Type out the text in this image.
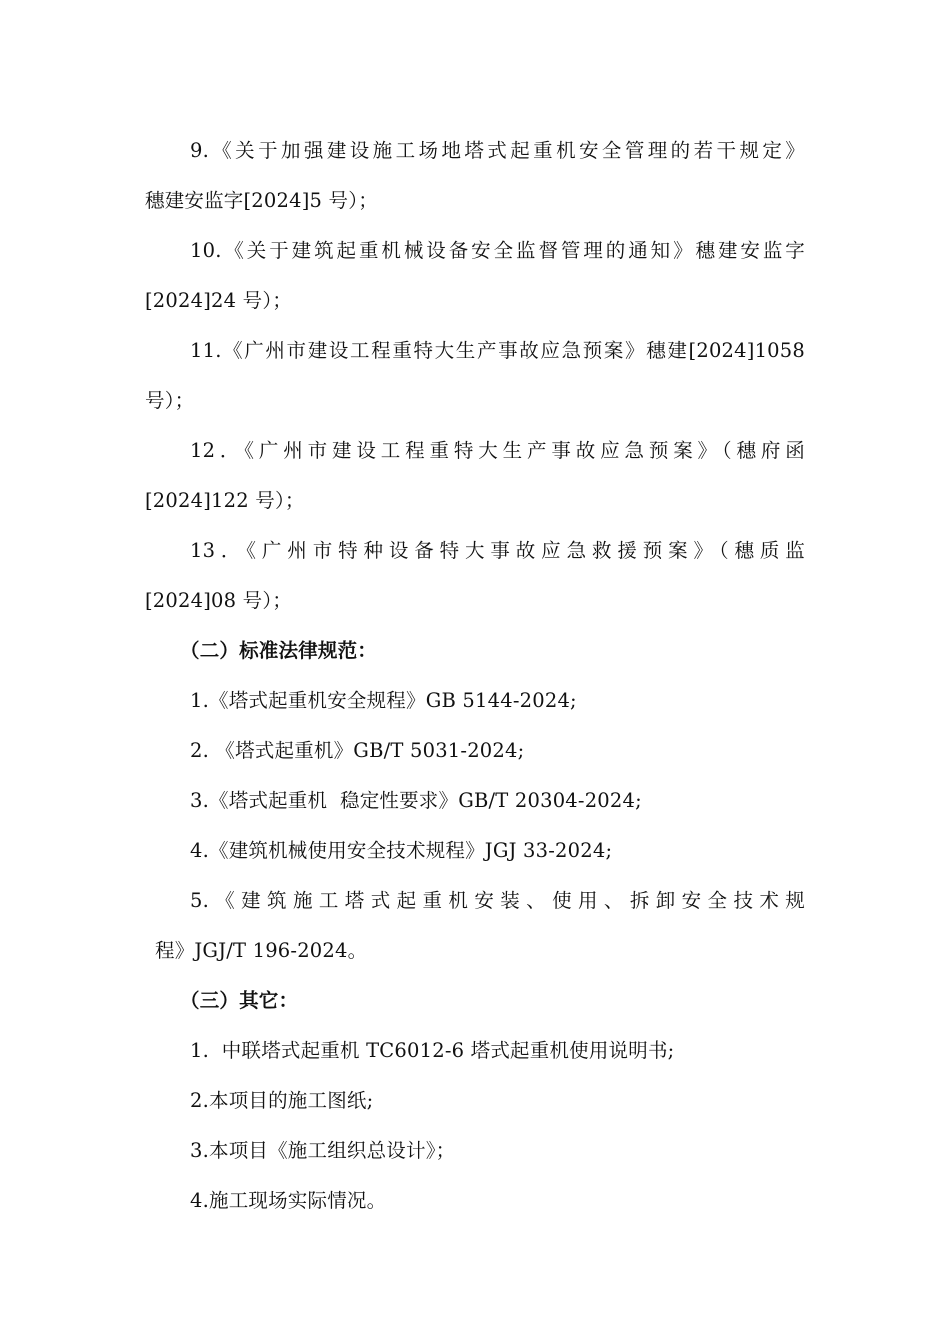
9.《关于加强建设施工场地塔式起重机安全管理的若干规定》
穗建安监字[2024]5 号）；
10.《关于建筑起重机械设备安全监督管理的通知》穗建安监字
[2024]24 号）；
11.《广州市建设工程重特大生产事故应急预案》穗建[2024]1058
号）；
12．《广州市建设工程重特大生产事故应急预案》（穗府函
[2024]122 号）；
13．《广州市特种设备特大事故应急救援预案》（穗质监
[2024]08 号）；
（二）标准法律规范：
1.《塔式起重机安全规程》GB 5144-2024;
2. 《塔式起重机》GB/T 5031-2024;
3.《塔式起重机  稳定性要求》GB/T 20304-2024;
4.《建筑机械使用安全技术规程》JGJ 33-2024;
5.《建筑施工塔式起重机安装、使用、拆卸安全技术规
程》JGJ/T 196-2024。
（三）其它：
1.  中联塔式起重机 TC6012-6 塔式起重机使用说明书;
2.本项目的施工图纸;
3.本项目《施工组织总设计》；
4.施工现场实际情况。
